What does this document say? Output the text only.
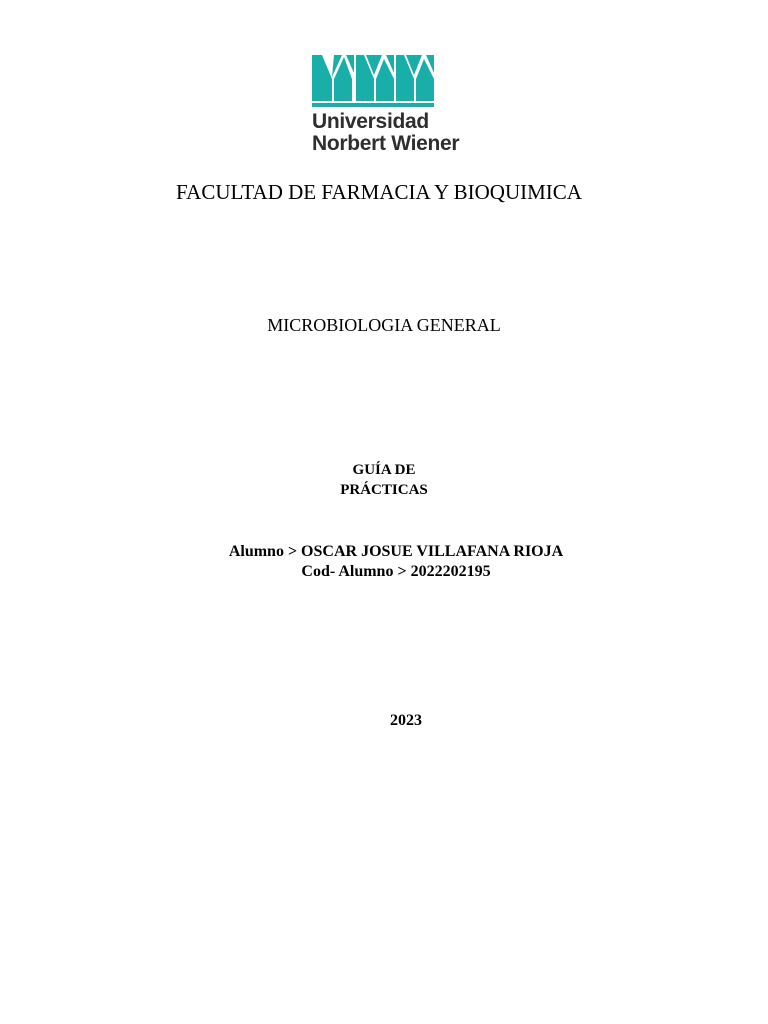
Universidad
Norbert Wiener
FACULTAD DE FARMACIA Y BIOQUIMICA
MICROBIOLOGIA GENERAL
GUÍA DE
PRÁCTICAS
Alumno > OSCAR JOSUE VILLAFANA RIOJA
Cod- Alumno > 2022202195
2023
